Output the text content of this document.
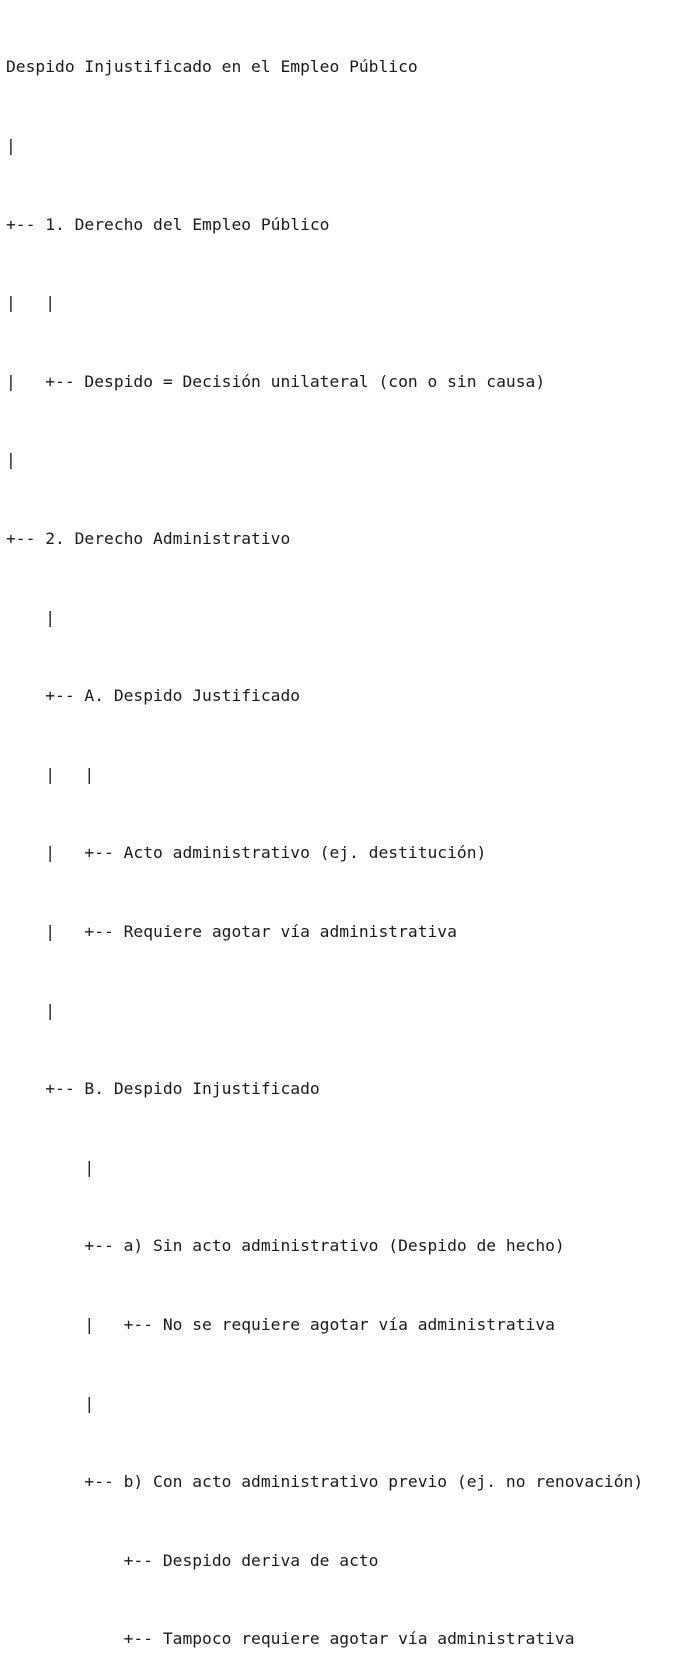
Despido Injustificado en el Empleo Público

|

+-- 1. Derecho del Empleo Público

|   |

|   +-- Despido = Decisión unilateral (con o sin causa)

|

+-- 2. Derecho Administrativo

|

+-- A. Despido Justificado

|   |

|   +-- Acto administrativo (ej. destitución)

|   +-- Requiere agotar vía administrativa

|

+-- B. Despido Injustificado

|

+-- a) Sin acto administrativo (Despido de hecho)

|   +-- No se requiere agotar vía administrativa

|

+-- b) Con acto administrativo previo (ej. no renovación)

+-- Despido deriva de acto

+-- Tampoco requiere agotar vía administrativa
